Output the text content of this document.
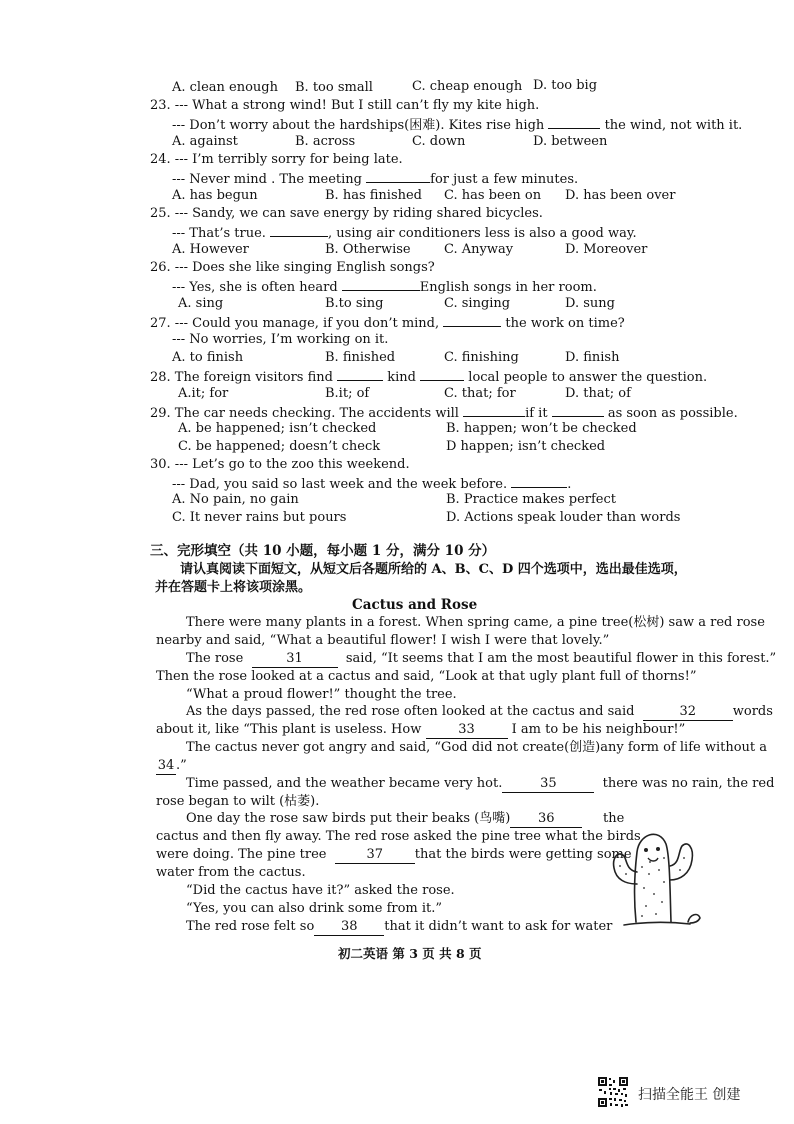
A. clean enough B. too small	C. cheap enough D. too big
23. --- What a strong wind! But I still can’t fly my kite high.
--- Don’t worry about the hardships(困难). Kites rise high	the wind, not with it.
A. against	B. across	C. down	D. between
24. --- I’m terribly sorry for being late.
--- Never mind . The meeting	for just a few minutes.
A. has begun	B. has finished C. has been on D. has been over
25. --- Sandy, we can save energy by riding shared bicycles.
--- That’s true.	, using air conditioners less is also a good way.
A. However	B. Otherwise	C. Anyway	D. Moreover
26. --- Does she like singing English songs?
--- Yes, she is often heard	English songs in her room.
A. sing	B.to sing	C. singing	D. sung
27. --- Could you manage, if you don’t mind,	the work on time?
--- No worries, I’m working on it.
A. to finish	B. finished	C. finishing	D. finish
28. The foreign visitors find	kind	local people to answer the question.
A.it; for	B.it; of	C. that; for	D. that; of
29. The car needs checking. The accidents will	if it	as soon as possible.
A. be happened; isn’t checked	B. happen; won’t be checked
C. be happened; doesn’t check	D happen; isn’t checked
30. --- Let’s go to the zoo this weekend.
--- Dad, you said so last week and the week before.	.
A. No pain, no gain	B. Practice makes perfect
C. It never rains but pours	D. Actions speak louder than words
三、完形填空（共 10 小题，每小题 1 分，满分 10 分）
请认真阅读下面短文，从短文后各题所给的 A、B、C、D 四个选项中，选出最佳选项，
并在答题卡上将该项涂黑。
Cactus and Rose
There were many plants in a forest. When spring came, a pine tree(松树) saw a red rose
nearby and said, “What a beautiful flower! I wish I were that lovely.”
The rose	31	said, “It seems that I am the most beautiful flower in this forest.”
Then the rose looked at a cactus and said, “Look at that ugly plant full of thorns!”
“What a proud flower!” thought the tree.
As the days passed, the red rose often looked at the cactus and said	32	words
about it, like “This plant is useless. How	33	I am to be his neighbour!”
The cactus never got angry and said, “God did not create(创造)any form of life without a
34 .”
Time passed, and the weather became very hot.	35	there was no rain, the red
rose began to wilt (枯萎).
One day the rose saw birds put their beaks (鸟嘴) 36	the
cactus and then fly away. The red rose asked the pine tree what the birds
were doing. The pine tree	37 that the birds were getting some
water from the cactus.
“Did the cactus have it?” asked the rose.
“Yes, you can also drink some from it.”
The red rose felt so 38 that it didn’t want to ask for water
初二英语 第 3 页 共 8 页
扫描全能王 创建
